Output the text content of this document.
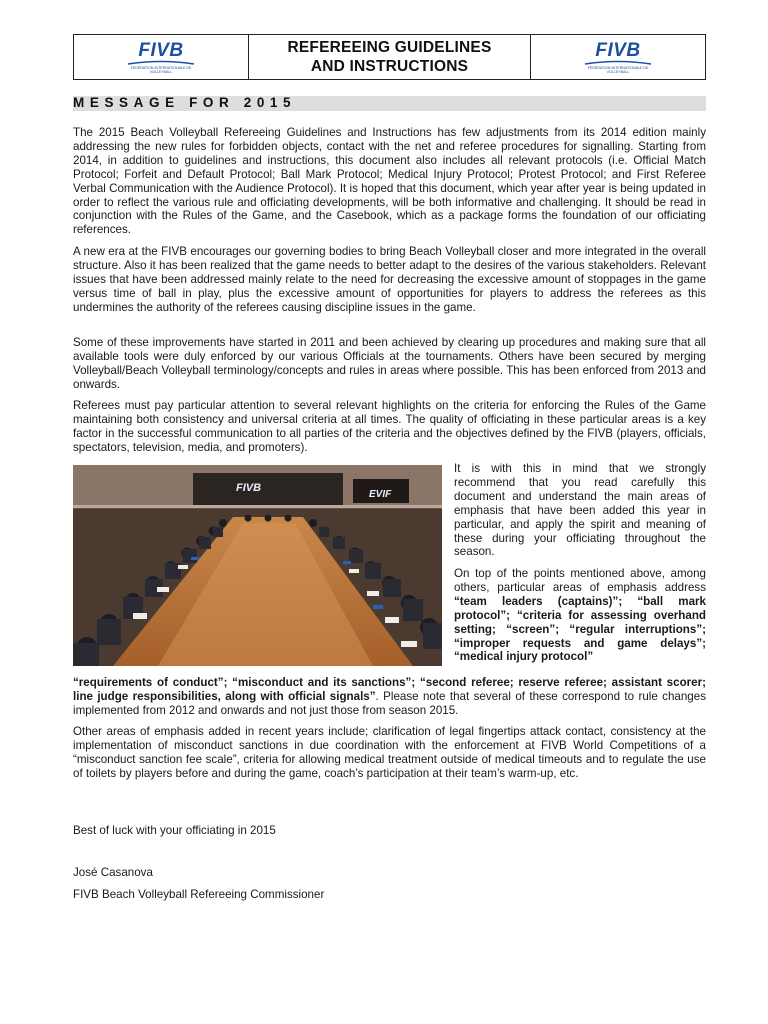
FIVB
FÉDÉRATION INTERNATIONALE DE VOLLEYBALL
REFEREEING GUIDELINES
AND INSTRUCTIONS
FIVB
FÉDÉRATION INTERNATIONALE DE VOLLEYBALL
MESSAGE FOR 2015

The 2015 Beach Volleyball Refereeing Guidelines and Instructions has few adjustments from its 2014 edition mainly addressing the new rules for forbidden objects, contact with the net and referee procedures for signalling. Starting from 2014, in addition to guidelines and instructions, this document also includes all relevant protocols (i.e. Official Match Protocol; Forfeit and Default Protocol; Ball Mark Protocol; Medical Injury Protocol; Protest Protocol; and First Referee Verbal Communication with the Audience Protocol). It is hoped that this document, which year after year is being updated in order to reflect the various rule and officiating developments, will be both informative and challenging. It should be read in conjunction with the Rules of the Game, and the Casebook, which as a package forms the foundation of our officiating references.

A new era at the FIVB encourages our governing bodies to bring Beach Volleyball closer and more integrated in the overall structure. Also it has been realized that the game needs to better adapt to the desires of the various stakeholders. Relevant issues that have been addressed mainly relate to the need for decreasing the excessive amount of stoppages in the game versus time of ball in play, plus the excessive amount of opportunities for players to address the referees as this undermines the authority of the referees causing discipline issues in the game.

Some of these improvements have started in 2011 and been achieved by clearing up procedures and making sure that all available tools were duly enforced by our various Officials at the tournaments. Others have been secured by merging Volleyball/Beach Volleyball terminology/concepts and rules in areas where possible. This has been enforced from 2013 and onwards.

Referees must pay particular attention to several relevant highlights on the criteria for enforcing the Rules of the Game maintaining both consistency and universal criteria at all times. The quality of officiating in these particular areas is a key factor in the successful communication to all parties of the criteria and the objectives defined by the FIVB (players, officials, spectators, television, media, and promoters).

FIVB
EVIF

It is with this in mind that we strongly recommend that you read carefully this document and understand the main areas of emphasis that have been added this year in particular, and apply the spirit and meaning of these during your officiating throughout the season.

On top of the points mentioned above, among others, particular areas of emphasis address “team leaders (captains)”; “ball mark protocol”; “criteria for assessing overhand setting; “screen”; “regular interruptions”; “improper requests and game delays”; “medical injury protocol”

“requirements of conduct”; “misconduct and its sanctions”; “second referee; reserve referee; assistant scorer; line judge responsibilities, along with official signals”. Please note that several of these correspond to rule changes implemented from 2012 and onwards and not just those from season 2015.

Other areas of emphasis added in recent years include; clarification of legal fingertips attack contact, consistency at the implementation of misconduct sanctions in due coordination with the enforcement at FIVB World Competitions of a “misconduct sanction fee scale”, criteria for allowing medical treatment outside of medical timeouts and to regulate the use of toilets by players before and during the game, coach’s participation at their team’s warm-up, etc.

Best of luck with your officiating in 2015
José Casanova
FIVB Beach Volleyball Refereeing Commissioner
